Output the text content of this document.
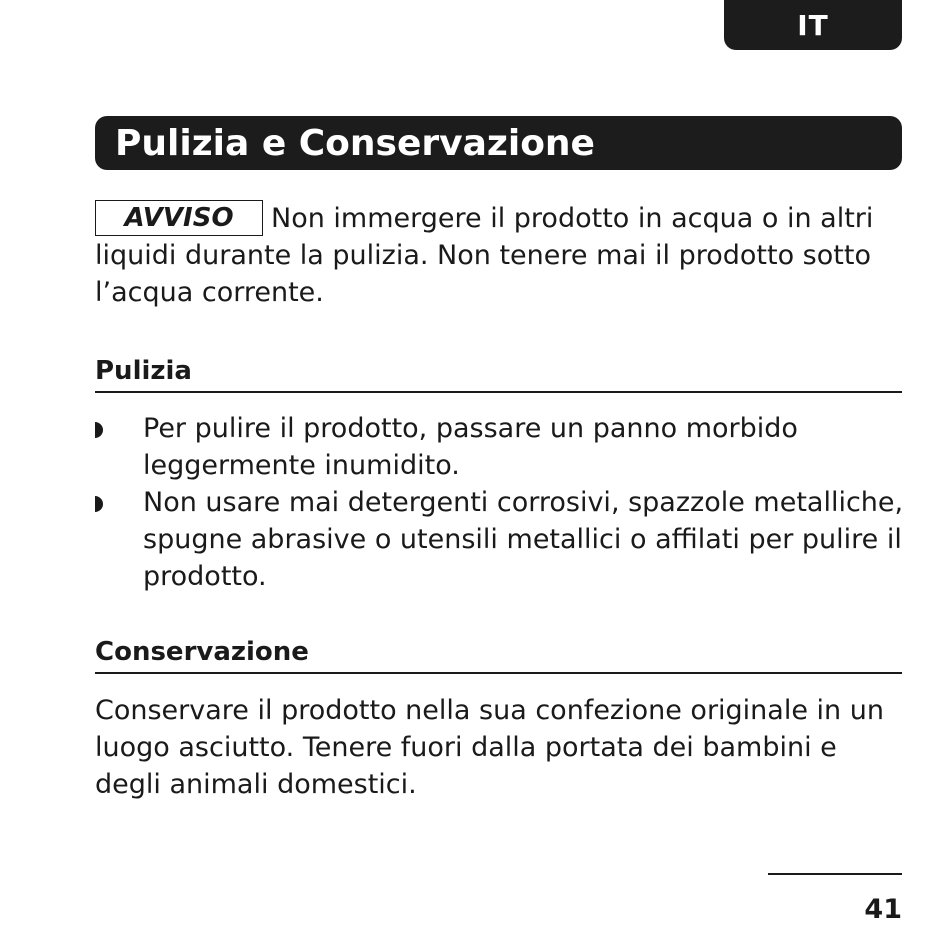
IT
Pulizia e Conservazione
AVVISO Non immergere il prodotto in acqua o in altri liquidi durante la pulizia. Non tenere mai il prodotto sotto l’acqua corrente.
Pulizia
Per pulire il prodotto, passare un panno morbido leggermente inumidito.
Non usare mai detergenti corrosivi, spazzole metalliche, spugne abrasive o utensili metallici o affilati per pulire il prodotto.
Conservazione
Conservare il prodotto nella sua confezione originale in un luogo asciutto. Tenere fuori dalla portata dei bambini e degli animali domestici.
41
